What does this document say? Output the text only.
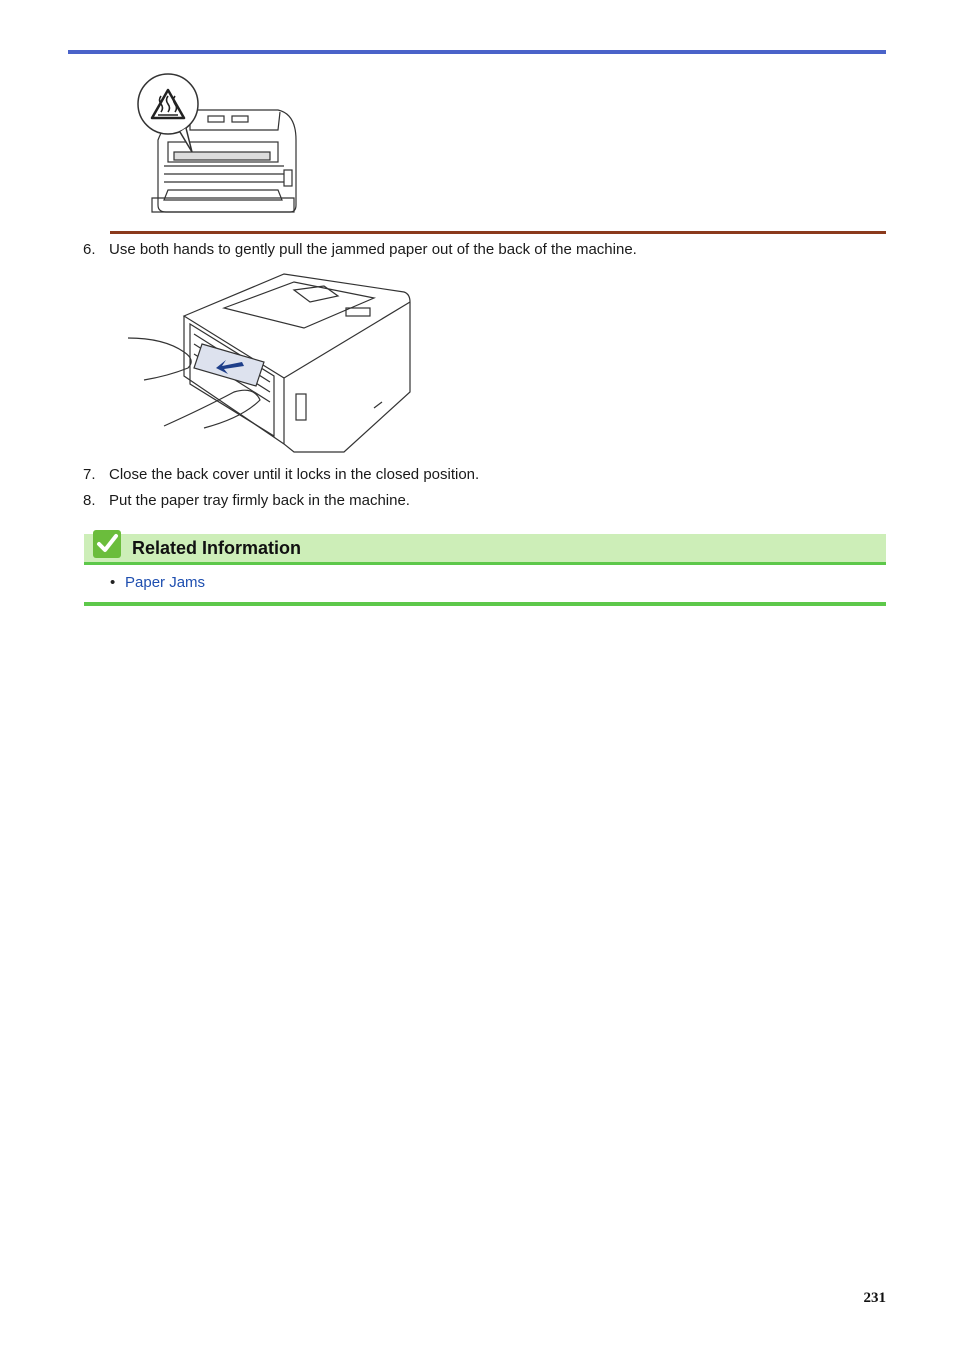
6. Use both hands to gently pull the jammed paper out of the back of the machine.
7. Close the back cover until it locks in the closed position.
8. Put the paper tray firmly back in the machine.
Related Information
• Paper Jams
231
